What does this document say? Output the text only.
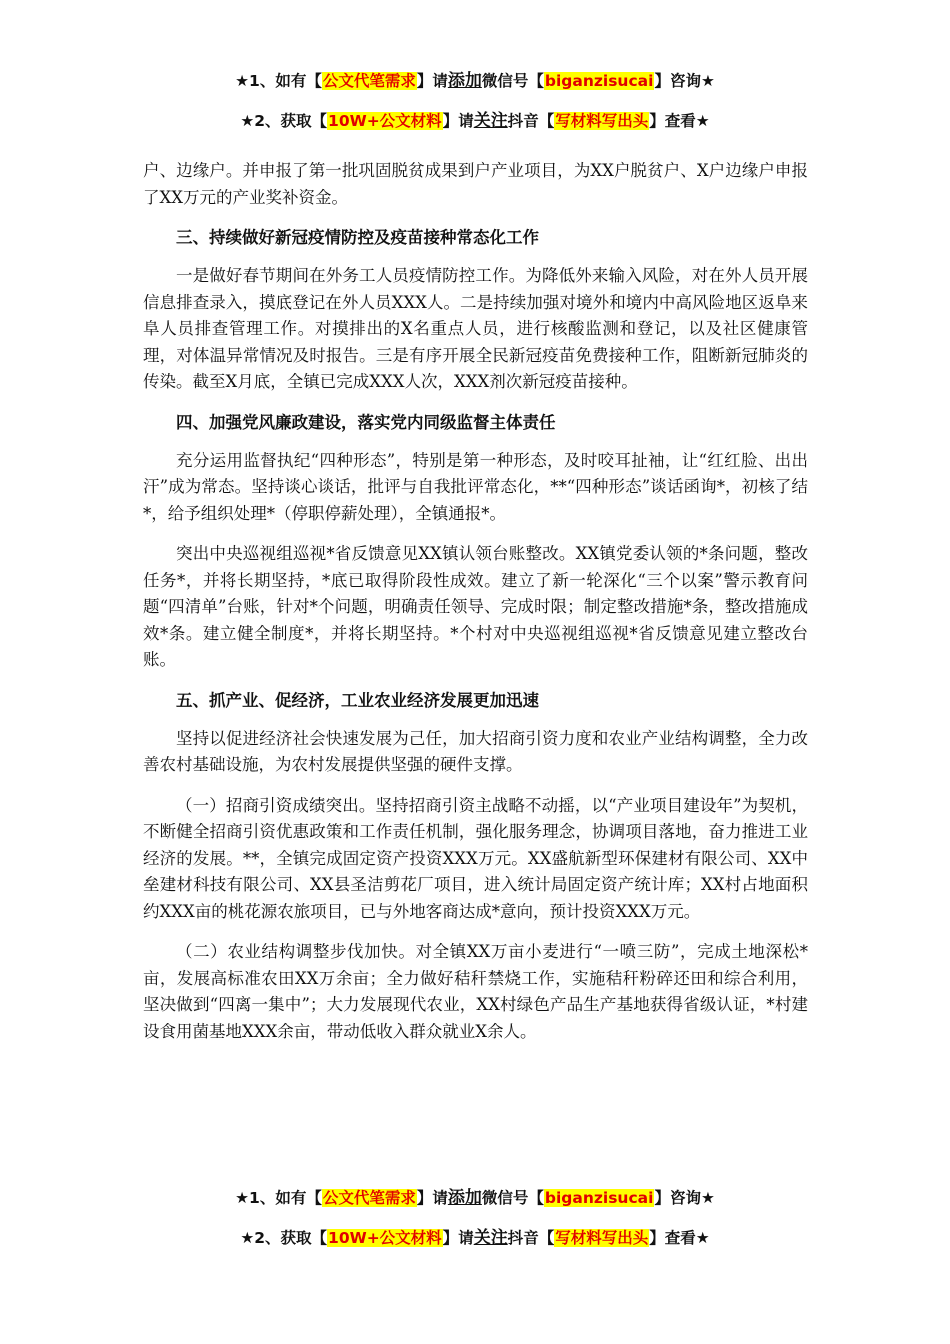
★1、如有【公文代笔需求】请添加微信号【biganzisucai】咨询★
★2、获取【10W+公文材料】请关注抖音【写材料写出头】查看★

户、边缘户。并申报了第一批巩固脱贫成果到户产业项目，为XX户脱贫户、X户边缘户申报了XX万元的产业奖补资金。

三、持续做好新冠疫情防控及疫苗接种常态化工作

一是做好春节期间在外务工人员疫情防控工作。为降低外来输入风险，对在外人员开展信息排查录入，摸底登记在外人员XXX人。二是持续加强对境外和境内中高风险地区返阜来阜人员排查管理工作。对摸排出的X名重点人员，进行核酸监测和登记，以及社区健康管理，对体温异常情况及时报告。三是有序开展全民新冠疫苗免费接种工作，阻断新冠肺炎的传染。截至X月底，全镇已完成XXX人次，XXX剂次新冠疫苗接种。

四、加强党风廉政建设，落实党内同级监督主体责任

充分运用监督执纪“四种形态”，特别是第一种形态，及时咬耳扯袖，让“红红脸、出出汗”成为常态。坚持谈心谈话，批评与自我批评常态化，**“四种形态”谈话函询*，初核了结*，给予组织处理*（停职停薪处理），全镇通报*。

突出中央巡视组巡视*省反馈意见XX镇认领台账整改。XX镇党委认领的*条问题，整改任务*，并将长期坚持，*底已取得阶段性成效。建立了新一轮深化“三个以案”警示教育问题“四清单”台账，针对*个问题，明确责任领导、完成时限；制定整改措施*条，整改措施成效*条。建立健全制度*，并将长期坚持。*个村对中央巡视组巡视*省反馈意见建立整改台账。

五、抓产业、促经济，工业农业经济发展更加迅速

坚持以促进经济社会快速发展为己任，加大招商引资力度和农业产业结构调整，全力改善农村基础设施，为农村发展提供坚强的硬件支撑。

（一）招商引资成绩突出。坚持招商引资主战略不动摇，以“产业项目建设年”为契机，不断健全招商引资优惠政策和工作责任机制，强化服务理念，协调项目落地，奋力推进工业经济的发展。**，全镇完成固定资产投资XXX万元。XX盛航新型环保建材有限公司、XX中垒建材科技有限公司、XX县圣洁剪花厂项目，进入统计局固定资产统计库；XX村占地面积约XXX亩的桃花源农旅项目，已与外地客商达成*意向，预计投资XXX万元。

（二）农业结构调整步伐加快。对全镇XX万亩小麦进行“一喷三防”，完成土地深松*亩，发展高标准农田XX万余亩；全力做好秸秆禁烧工作，实施秸秆粉碎还田和综合利用，坚决做到“四离一集中”；大力发展现代农业，XX村绿色产品生产基地获得省级认证，*村建设食用菌基地XXX余亩，带动低收入群众就业X余人。

★1、如有【公文代笔需求】请添加微信号【biganzisucai】咨询★
★2、获取【10W+公文材料】请关注抖音【写材料写出头】查看★
